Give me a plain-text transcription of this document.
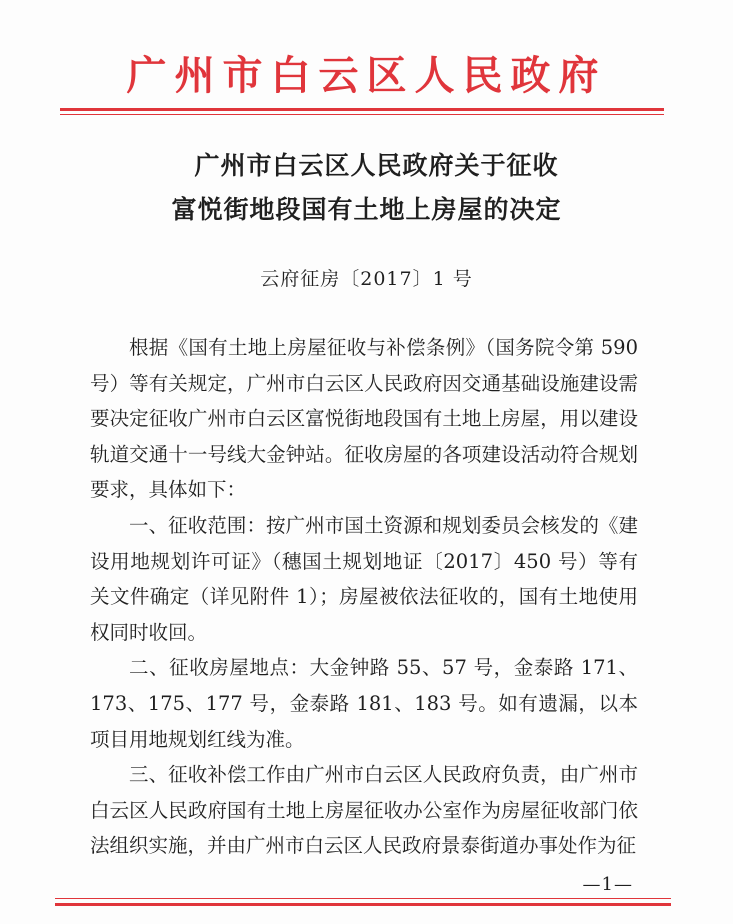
广州市白云区人民政府
广州市白云区人民政府关于征收
富悦街地段国有土地上房屋的决定
云府征房〔2017〕1 号

根据《国有土地上房屋征收与补偿条例》（国务院令第 590 号）等有关规定，广州市白云区人民政府因交通基础设施建设需要决定征收广州市白云区富悦街地段国有土地上房屋，用以建设轨道交通十一号线大金钟站。征收房屋的各项建设活动符合规划要求，具体如下：

一、征收范围：按广州市国土资源和规划委员会核发的《建设用地规划许可证》（穗国土规划地证〔2017〕450 号）等有关文件确定（详见附件 1）；房屋被依法征收的，国有土地使用权同时收回。

二、征收房屋地点：大金钟路 55、57 号，金泰路 171、173、175、177 号，金泰路 181、183 号。如有遗漏，以本项目用地规划红线为准。

三、征收补偿工作由广州市白云区人民政府负责，由广州市白云区人民政府国有土地上房屋征收办公室作为房屋征收部门依法组织实施，并由广州市白云区人民政府景泰街道办事处作为征

—1—
